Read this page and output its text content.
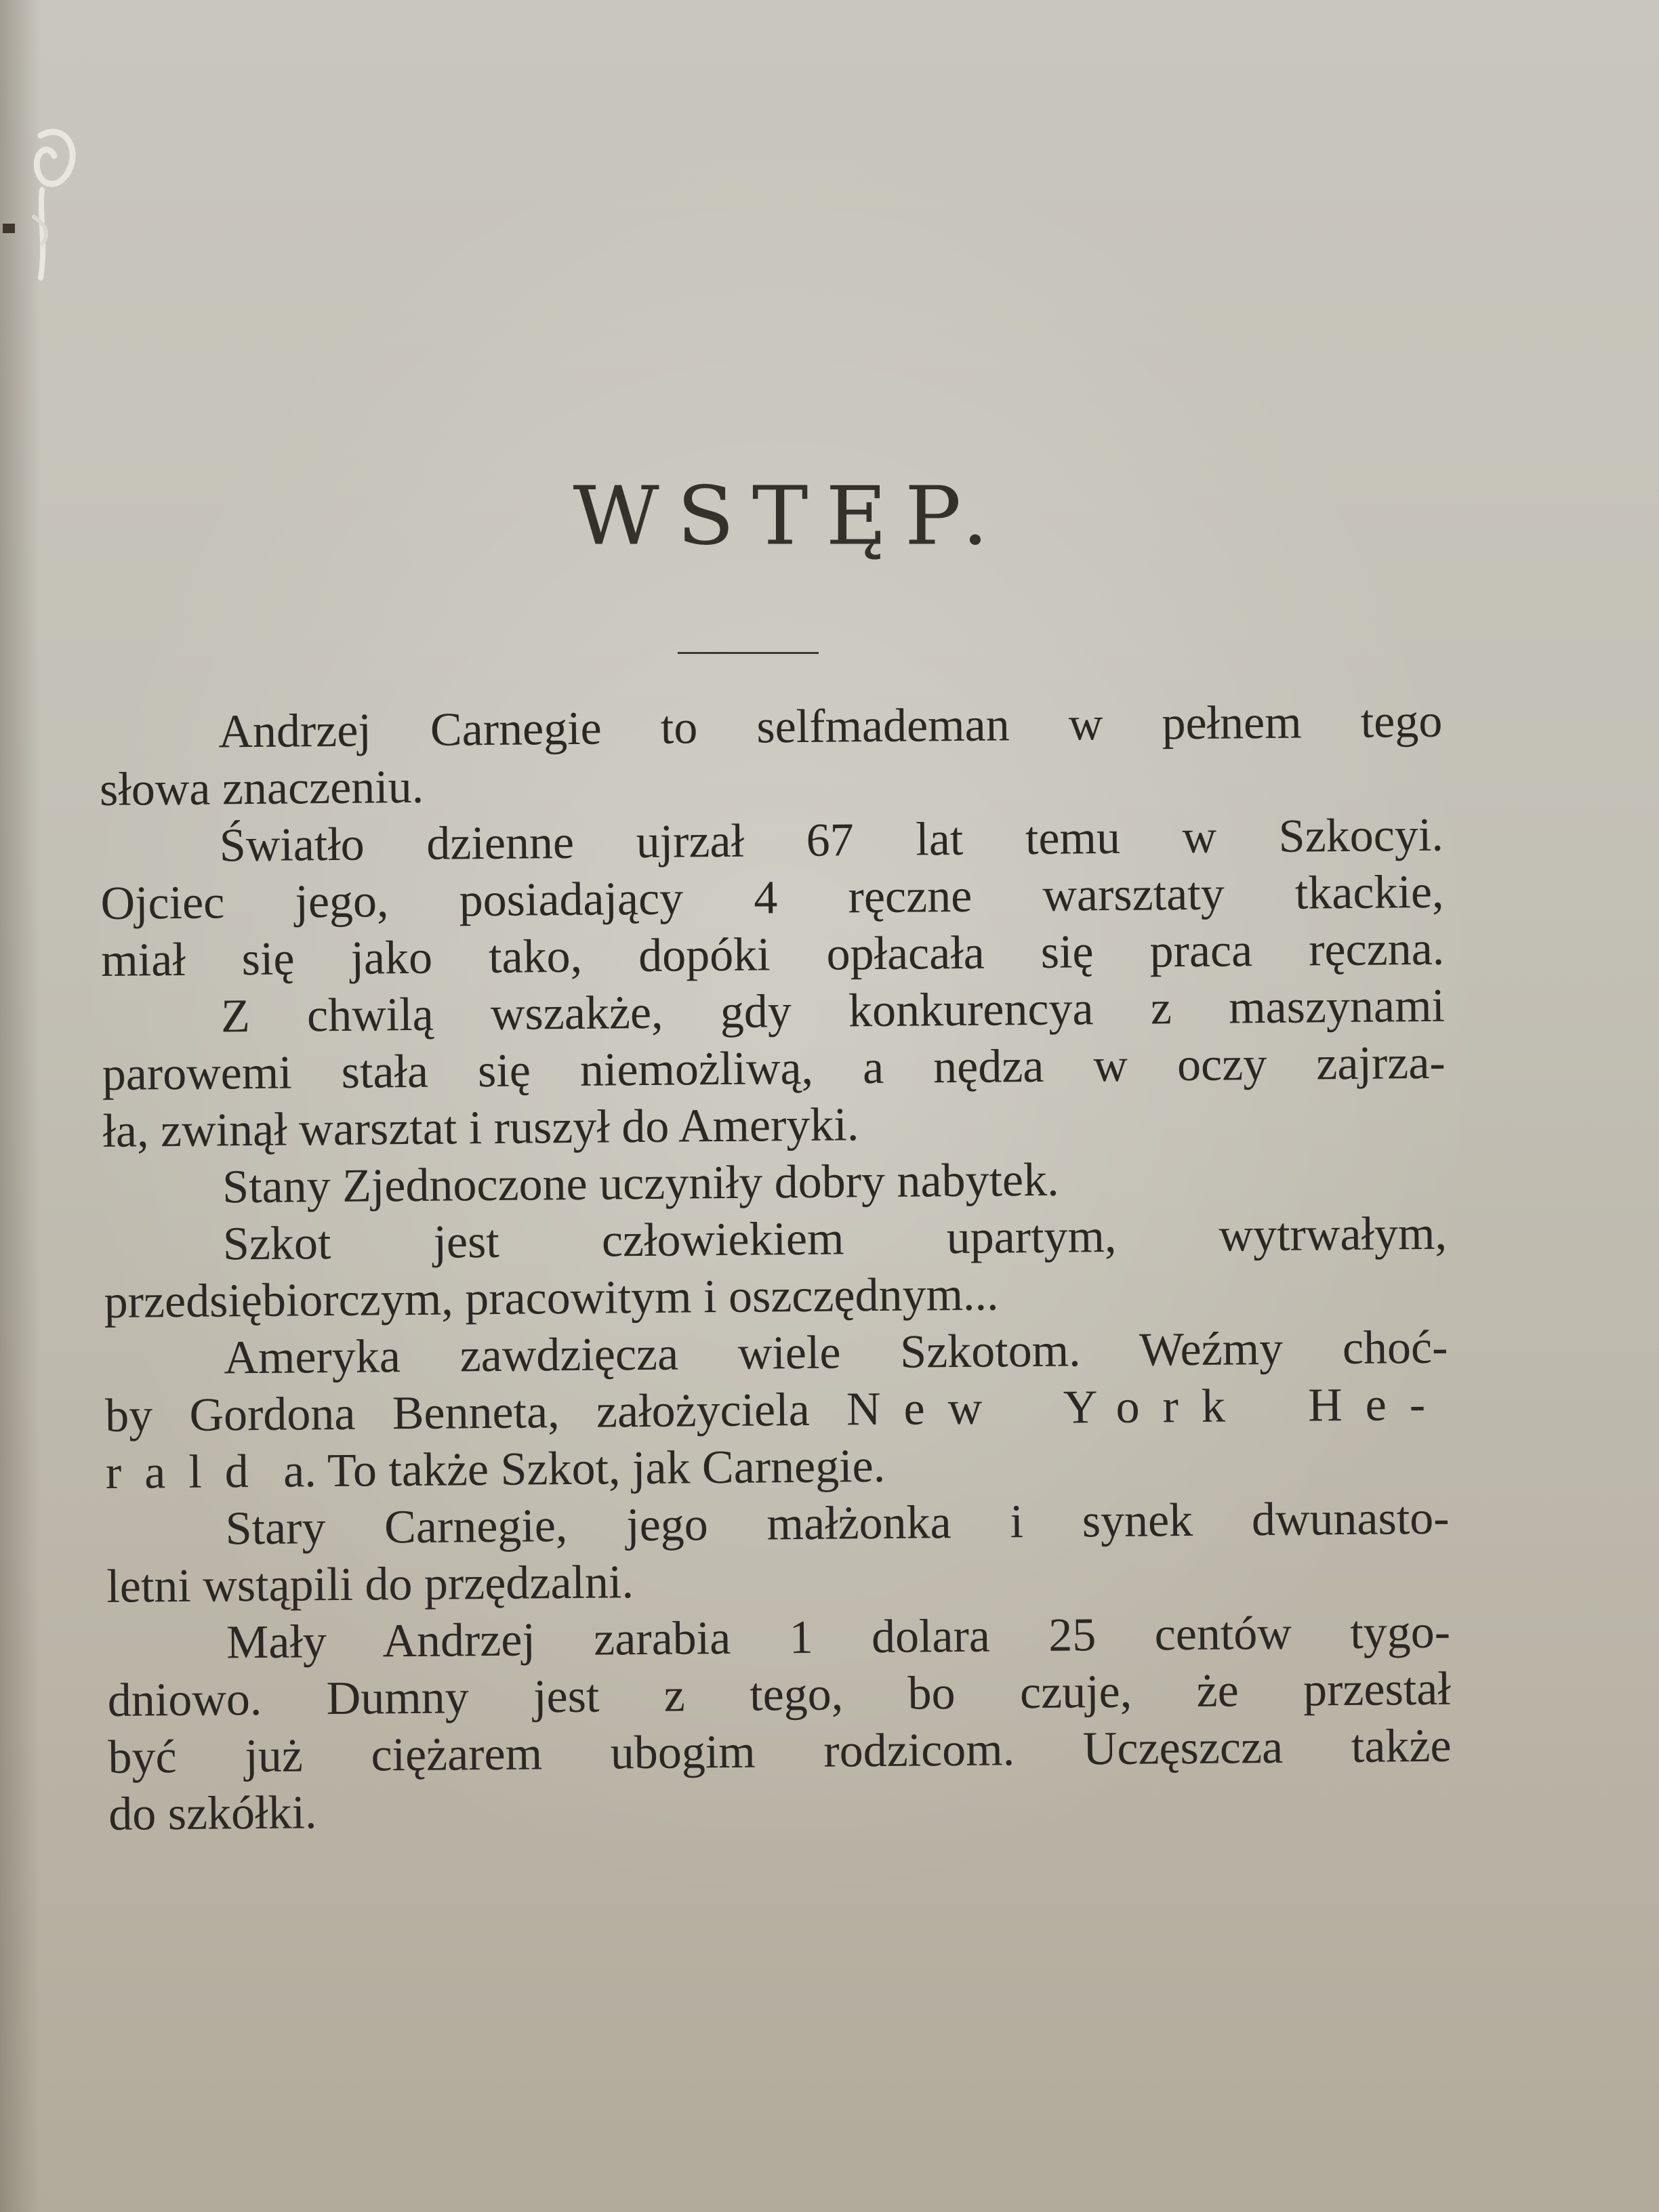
WSTĘP.
Andrzej Carnegie to selfmademan w pełnem tego
słowa znaczeniu.
Światło dzienne ujrzał 67 lat temu w Szkocyi.
Ojciec jego, posiadający 4 ręczne warsztaty tkackie,
miał się jako tako, dopóki opłacała się praca ręczna.
Z chwilą wszakże, gdy konkurencya z maszynami
parowemi stała się niemożliwą, a nędza w oczy zajrza-
ła, zwinął warsztat i ruszył do Ameryki.
Stany Zjednoczone uczyniły dobry nabytek.
Szkot jest człowiekiem upartym, wytrwałym,
przedsiębiorczym, pracowitym i oszczędnym...
Ameryka zawdzięcza wiele Szkotom. Weźmy choć-
by Gordona Benneta, założyciela New York He-
rald a. To także Szkot, jak Carnegie.
Stary Carnegie, jego małżonka i synek dwunasto-
letni wstąpili do przędzalni.
Mały Andrzej zarabia 1 dolara 25 centów tygo-
dniowo. Dumny jest z tego, bo czuje, że przestał
być już ciężarem ubogim rodzicom. Uczęszcza także
do szkółki.
